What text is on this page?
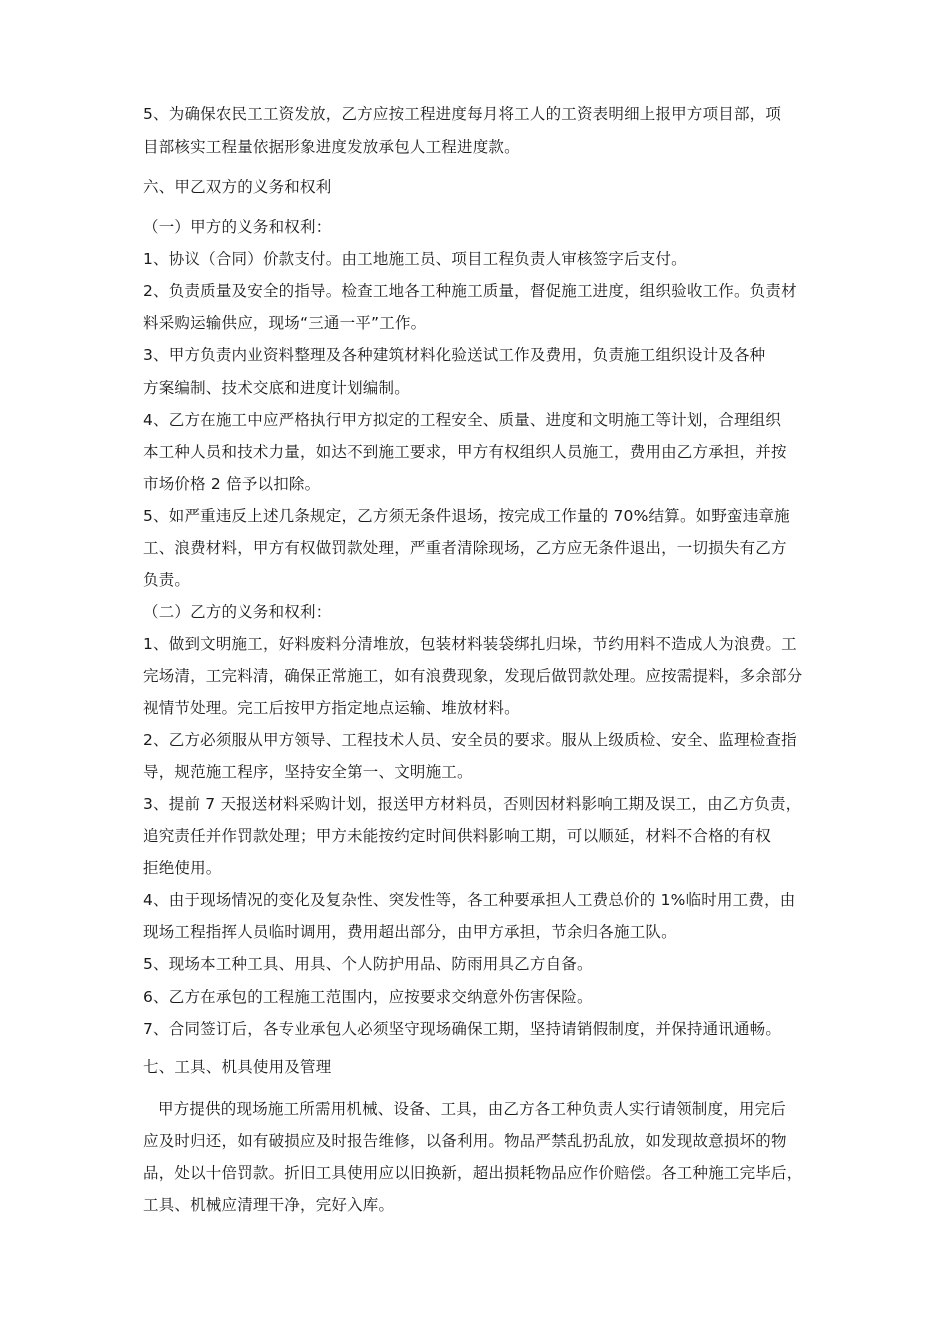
5、为确保农民工工资发放，乙方应按工程进度每月将工人的工资表明细上报甲方项目部，项
目部核实工程量依据形象进度发放承包人工程进度款。
六、甲乙双方的义务和权利
（一）甲方的义务和权利：
1、协议（合同）价款支付。由工地施工员、项目工程负责人审核签字后支付。
2、负责质量及安全的指导。检查工地各工种施工质量，督促施工进度，组织验收工作。负责材
料采购运输供应，现场“三通一平”工作。
3、甲方负责内业资料整理及各种建筑材料化验送试工作及费用，负责施工组织设计及各种
方案编制、技术交底和进度计划编制。
4、乙方在施工中应严格执行甲方拟定的工程安全、质量、进度和文明施工等计划，合理组织
本工种人员和技术力量，如达不到施工要求，甲方有权组织人员施工，费用由乙方承担，并按
市场价格 2 倍予以扣除。
5、如严重违反上述几条规定，乙方须无条件退场，按完成工作量的 70%结算。如野蛮违章施
工、浪费材料，甲方有权做罚款处理，严重者清除现场，乙方应无条件退出，一切损失有乙方
负责。
（二）乙方的义务和权利：
1、做到文明施工，好料废料分清堆放，包装材料装袋绑扎归垛，节约用料不造成人为浪费。工
完场清，工完料清，确保正常施工，如有浪费现象，发现后做罚款处理。应按需提料，多余部分
视情节处理。完工后按甲方指定地点运输、堆放材料。
2、乙方必须服从甲方领导、工程技术人员、安全员的要求。服从上级质检、安全、监理检查指
导，规范施工程序，坚持安全第一、文明施工。
3、提前 7 天报送材料采购计划，报送甲方材料员，否则因材料影响工期及误工，由乙方负责，
追究责任并作罚款处理；甲方未能按约定时间供料影响工期，可以顺延，材料不合格的有权
拒绝使用。
4、由于现场情况的变化及复杂性、突发性等，各工种要承担人工费总价的 1%临时用工费，由
现场工程指挥人员临时调用，费用超出部分，由甲方承担，节余归各施工队。
5、现场本工种工具、用具、个人防护用品、防雨用具乙方自备。
6、乙方在承包的工程施工范围内，应按要求交纳意外伤害保险。
7、合同签订后，各专业承包人必须坚守现场确保工期，坚持请销假制度，并保持通讯通畅。
七、工具、机具使用及管理
甲方提供的现场施工所需用机械、设备、工具，由乙方各工种负责人实行请领制度，用完后
应及时归还，如有破损应及时报告维修，以备利用。物品严禁乱扔乱放，如发现故意损坏的物
品，处以十倍罚款。折旧工具使用应以旧换新，超出损耗物品应作价赔偿。各工种施工完毕后，
工具、机械应清理干净，完好入库。
